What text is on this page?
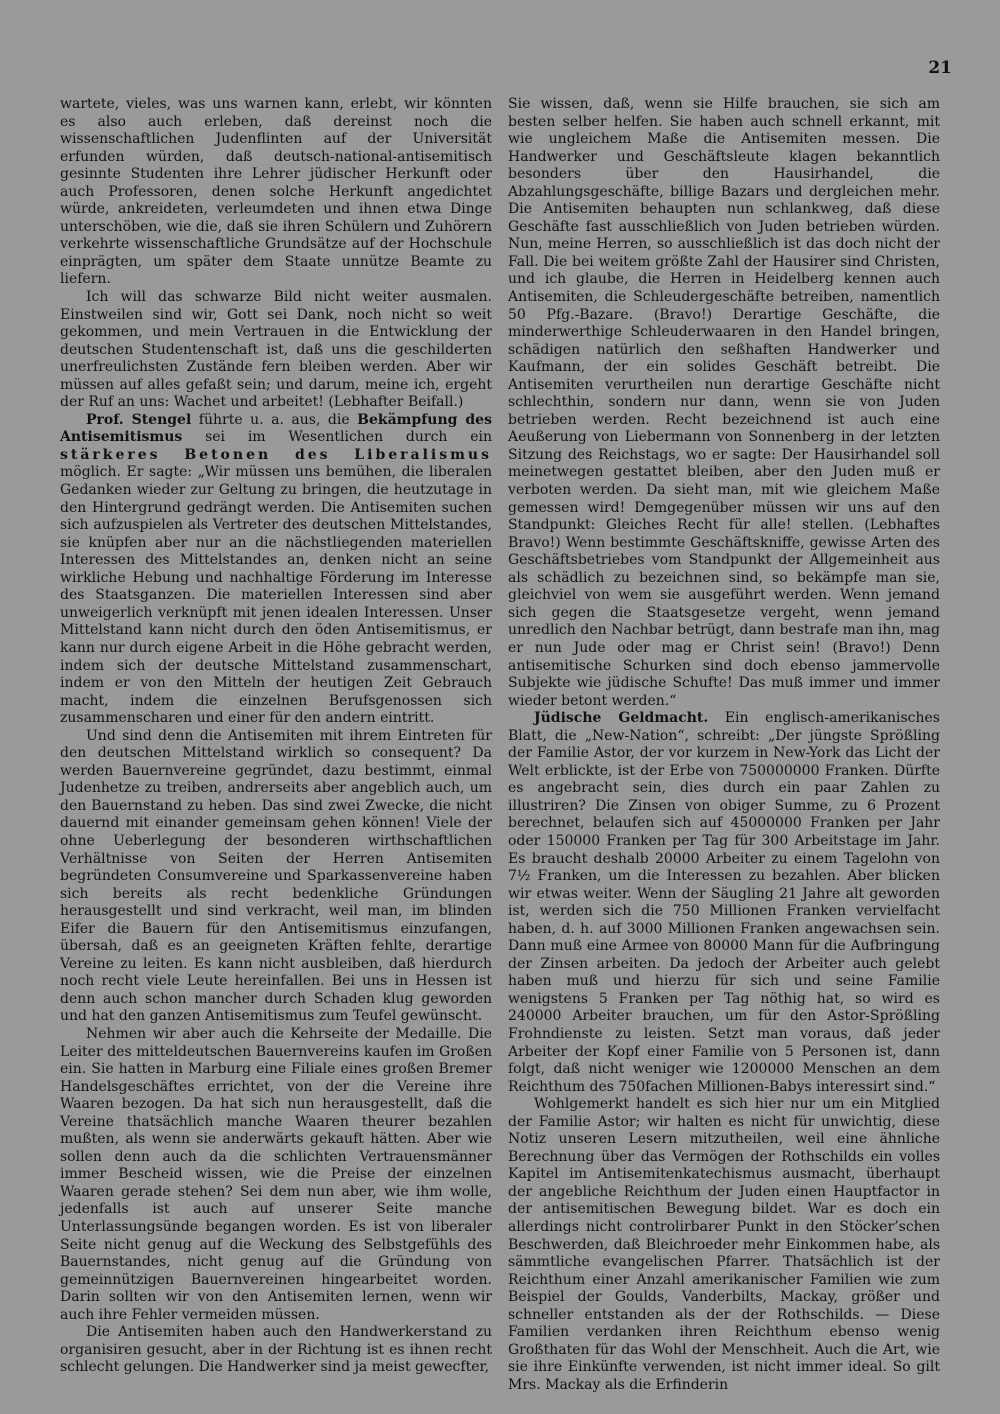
21

wartete, vieles, was uns warnen kann, erlebt, wir könnten es also auch erleben, daß dereinst noch die wissenschaftlichen Judenflinten auf der Universität erfunden würden, daß deutsch-national-antisemitisch gesinnte Studenten ihre Lehrer jüdischer Herkunft oder auch Professoren, denen solche Herkunft angedichtet würde, ankreideten, verleumdeten und ihnen etwa Dinge unterschöben, wie die, daß sie ihren Schülern und Zuhörern verkehrte wissenschaftliche Grundsätze auf der Hochschule einprägten, um später dem Staate unnütze Beamte zu liefern.

Ich will das schwarze Bild nicht weiter ausmalen. Einstweilen sind wir, Gott sei Dank, noch nicht so weit gekommen, und mein Vertrauen in die Entwicklung der deutschen Studentenschaft ist, daß uns die geschilderten unerfreulichsten Zustände fern bleiben werden. Aber wir müssen auf alles gefaßt sein; und darum, meine ich, ergeht der Ruf an uns: Wachet und arbeitet! (Lebhafter Beifall.)

Prof. Stengel führte u. a. aus, die Bekämpfung des Antisemitismus sei im Wesentlichen durch ein stärkeres Betonen des Liberalismus möglich. Er sagte: „Wir müssen uns bemühen, die liberalen Gedanken wieder zur Geltung zu bringen, die heutzutage in den Hintergrund gedrängt werden. Die Antisemiten suchen sich aufzuspielen als Vertreter des deutschen Mittelstandes, sie knüpfen aber nur an die nächstliegenden materiellen Interessen des Mittelstandes an, denken nicht an seine wirkliche Hebung und nachhaltige Förderung im Interesse des Staatsganzen. Die materiellen Interessen sind aber unweigerlich verknüpft mit jenen idealen Interessen. Unser Mittelstand kann nicht durch den öden Antisemitismus, er kann nur durch eigene Arbeit in die Höhe gebracht werden, indem sich der deutsche Mittelstand zusammenschart, indem er von den Mitteln der heutigen Zeit Gebrauch macht, indem die einzelnen Berufsgenossen sich zusammenscharen und einer für den andern eintritt.

Und sind denn die Antisemiten mit ihrem Eintreten für den deutschen Mittelstand wirklich so consequent? Da werden Bauernvereine gegründet, dazu bestimmt, einmal Judenhetze zu treiben, andrerseits aber angeblich auch, um den Bauernstand zu heben. Das sind zwei Zwecke, die nicht dauernd mit einander gemeinsam gehen können! Viele der ohne Ueberlegung der besonderen wirthschaftlichen Verhältnisse von Seiten der Herren Antisemiten begründeten Consumvereine und Sparkassenvereine haben sich bereits als recht bedenkliche Gründungen herausgestellt und sind verkracht, weil man, im blinden Eifer die Bauern für den Antisemitismus einzufangen, übersah, daß es an geeigneten Kräften fehlte, derartige Vereine zu leiten. Es kann nicht ausbleiben, daß hierdurch noch recht viele Leute hereinfallen. Bei uns in Hessen ist denn auch schon mancher durch Schaden klug geworden und hat den ganzen Antisemitismus zum Teufel gewünscht.

Nehmen wir aber auch die Kehrseite der Medaille. Die Leiter des mitteldeutschen Bauernvereins kaufen im Großen ein. Sie hatten in Marburg eine Filiale eines großen Bremer Handelsgeschäftes errichtet, von der die Vereine ihre Waaren bezogen. Da hat sich nun herausgestellt, daß die Vereine thatsächlich manche Waaren theurer bezahlen mußten, als wenn sie anderwärts gekauft hätten. Aber wie sollen denn auch da die schlichten Vertrauensmänner immer Bescheid wissen, wie die Preise der einzelnen Waaren gerade stehen? Sei dem nun aber, wie ihm wolle, jedenfalls ist auch auf unserer Seite manche Unterlassungsünde begangen worden. Es ist von liberaler Seite nicht genug auf die Weckung des Selbstgefühls des Bauernstandes, nicht genug auf die Gründung von gemeinnützigen Bauernvereinen hingearbeitet worden. Darin sollten wir von den Antisemiten lernen, wenn wir auch ihre Fehler vermeiden müssen.

Die Antisemiten haben auch den Handwerkerstand zu organisiren gesucht, aber in der Richtung ist es ihnen recht schlecht gelungen. Die Handwerker sind ja meist gewecfter,

Sie wissen, daß, wenn sie Hilfe brauchen, sie sich am besten selber helfen. Sie haben auch schnell erkannt, mit wie ungleichem Maße die Antisemiten messen. Die Handwerker und Geschäftsleute klagen bekanntlich besonders über den Hausirhandel, die Abzahlungsgeschäfte, billige Bazars und dergleichen mehr. Die Antisemiten behaupten nun schlankweg, daß diese Geschäfte fast ausschließlich von Juden betrieben würden. Nun, meine Herren, so ausschließlich ist das doch nicht der Fall. Die bei weitem größte Zahl der Hausirer sind Christen, und ich glaube, die Herren in Heidelberg kennen auch Antisemiten, die Schleudergeschäfte betreiben, namentlich 50 Pfg.-Bazare. (Bravo!) Derartige Geschäfte, die minderwerthige Schleuderwaaren in den Handel bringen, schädigen natürlich den seßhaften Handwerker und Kaufmann, der ein solides Geschäft betreibt. Die Antisemiten verurtheilen nun derartige Geschäfte nicht schlechthin, sondern nur dann, wenn sie von Juden betrieben werden. Recht bezeichnend ist auch eine Aeußerung von Liebermann von Sonnenberg in der letzten Sitzung des Reichstags, wo er sagte: Der Hausirhandel soll meinetwegen gestattet bleiben, aber den Juden muß er verboten werden. Da sieht man, mit wie gleichem Maße gemessen wird! Demgegenüber müssen wir uns auf den Standpunkt: Gleiches Recht für alle! stellen. (Lebhaftes Bravo!) Wenn bestimmte Geschäftskniffe, gewisse Arten des Geschäftsbetriebes vom Standpunkt der Allgemeinheit aus als schädlich zu bezeichnen sind, so bekämpfe man sie, gleichviel von wem sie ausgeführt werden. Wenn jemand sich gegen die Staatsgesetze vergeht, wenn jemand unredlich den Nachbar betrügt, dann bestrafe man ihn, mag er nun Jude oder mag er Christ sein! (Bravo!) Denn antisemitische Schurken sind doch ebenso jammervolle Subjekte wie jüdische Schufte! Das muß immer und immer wieder betont werden.“

Jüdische Geldmacht. Ein englisch-amerikanisches Blatt, die „New-Nation“, schreibt: „Der jüngste Sprößling der Familie Astor, der vor kurzem in New-York das Licht der Welt erblickte, ist der Erbe von 750000000 Franken. Dürfte es angebracht sein, dies durch ein paar Zahlen zu illustriren? Die Zinsen von obiger Summe, zu 6 Prozent berechnet, belaufen sich auf 45000000 Franken per Jahr oder 150000 Franken per Tag für 300 Arbeitstage im Jahr. Es braucht deshalb 20000 Arbeiter zu einem Tagelohn von 7½ Franken, um die Interessen zu bezahlen. Aber blicken wir etwas weiter. Wenn der Säugling 21 Jahre alt geworden ist, werden sich die 750 Millionen Franken vervielfacht haben, d. h. auf 3000 Millionen Franken angewachsen sein. Dann muß eine Armee von 80000 Mann für die Aufbringung der Zinsen arbeiten. Da jedoch der Arbeiter auch gelebt haben muß und hierzu für sich und seine Familie wenigstens 5 Franken per Tag nöthig hat, so wird es 240000 Arbeiter brauchen, um für den Astor-Sprößling Frohndienste zu leisten. Setzt man voraus, daß jeder Arbeiter der Kopf einer Familie von 5 Personen ist, dann folgt, daß nicht weniger wie 1200000 Menschen an dem Reichthum des 750fachen Millionen-Babys interessirt sind.“

Wohlgemerkt handelt es sich hier nur um ein Mitglied der Familie Astor; wir halten es nicht für unwichtig, diese Notiz unseren Lesern mitzutheilen, weil eine ähnliche Berechnung über das Vermögen der Rothschilds ein volles Kapitel im Antisemitenkatechismus ausmacht, überhaupt der angebliche Reichthum der Juden einen Hauptfactor in der antisemitischen Bewegung bildet. War es doch ein allerdings nicht controlirbarer Punkt in den Stöcker’schen Beschwerden, daß Bleichroeder mehr Einkommen habe, als sämmtliche evangelischen Pfarrer. Thatsächlich ist der Reichthum einer Anzahl amerikanischer Familien wie zum Beispiel der Goulds, Vanderbilts, Mackay, größer und schneller entstanden als der der Rothschilds. — Diese Familien verdanken ihren Reichthum ebenso wenig Großthaten für das Wohl der Menschheit. Auch die Art, wie sie ihre Einkünfte verwenden, ist nicht immer ideal. So gilt Mrs. Mackay als die Erfinderin
